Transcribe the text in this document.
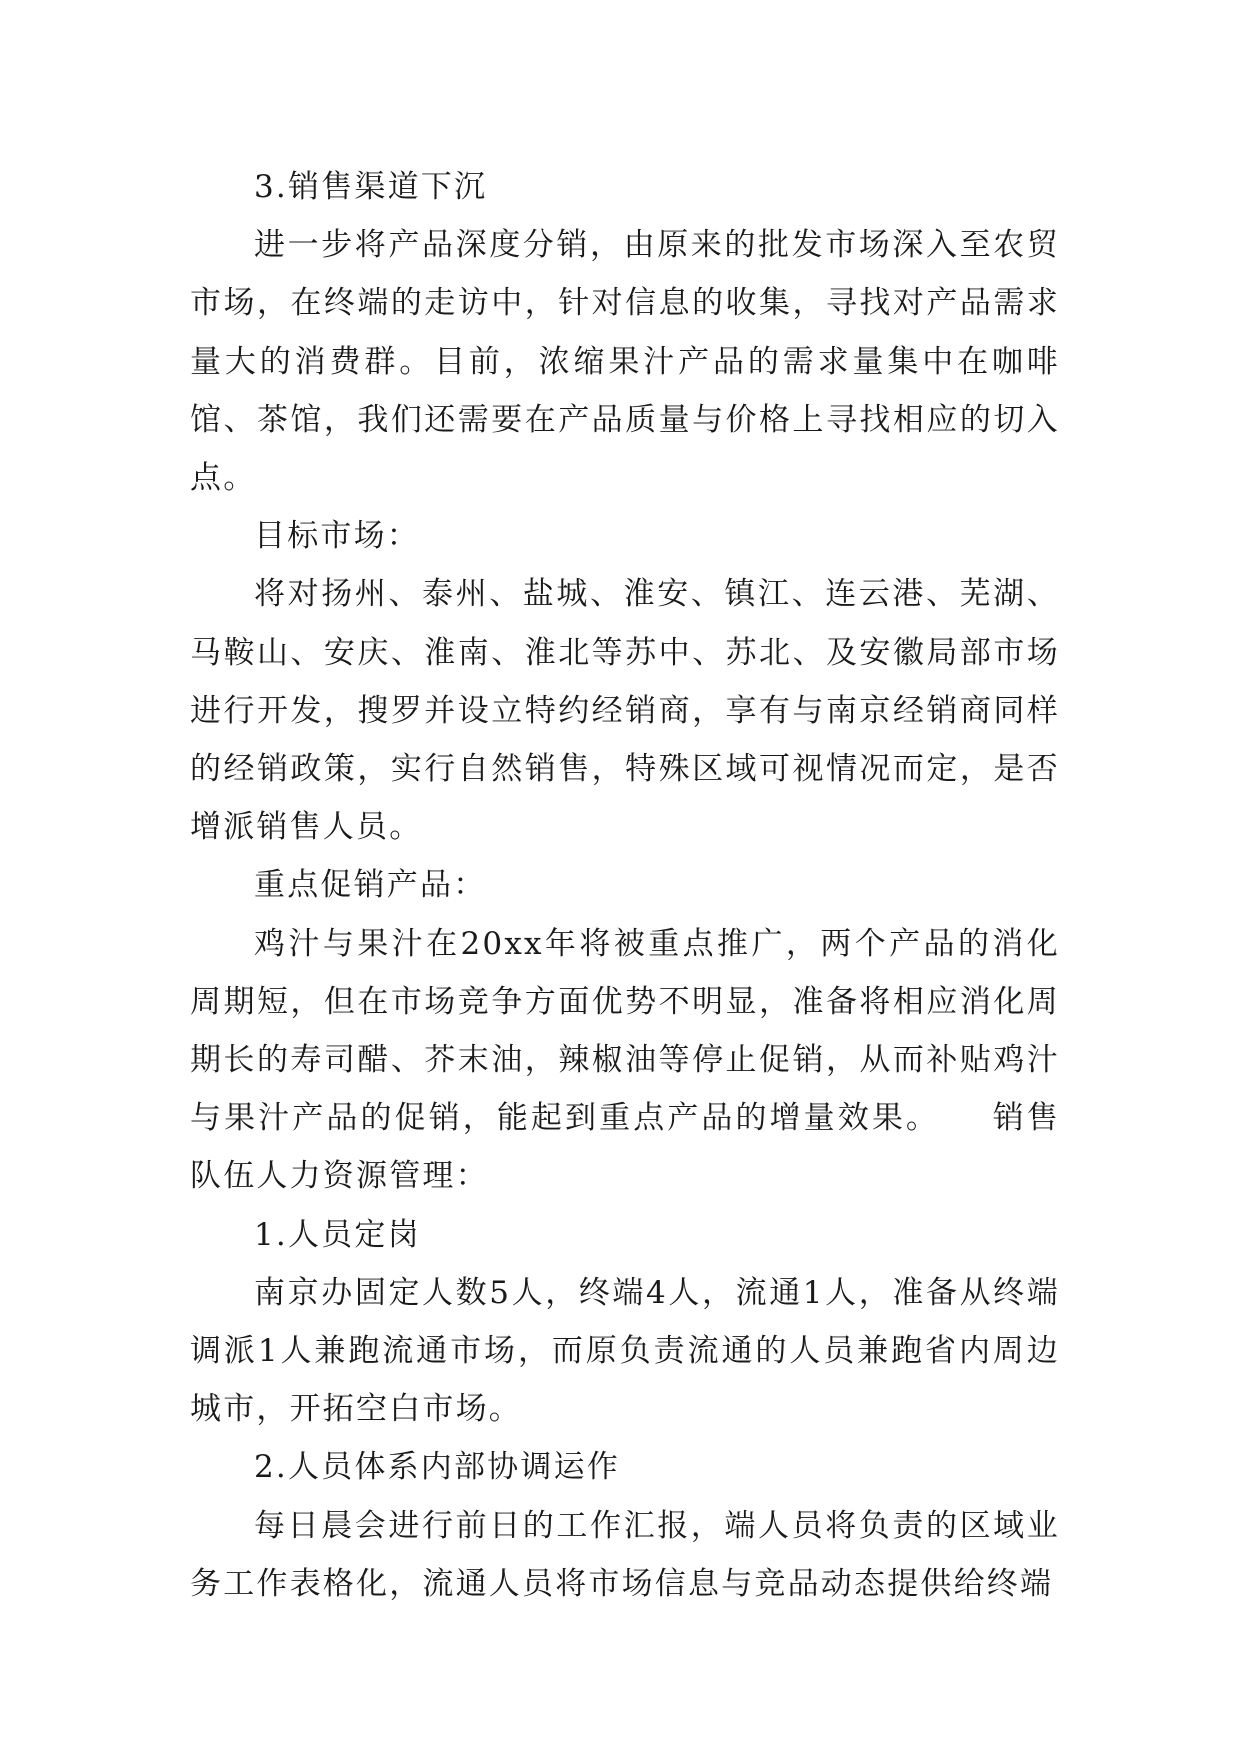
3.销售渠道下沉

进一步将产品深度分销，由原来的批发市场深入至农贸市场，在终端的走访中，针对信息的收集，寻找对产品需求量大的消费群。目前，浓缩果汁产品的需求量集中在咖啡馆、茶馆，我们还需要在产品质量与价格上寻找相应的切入点。

目标市场：

将对扬州、泰州、盐城、淮安、镇江、连云港、芜湖、马鞍山、安庆、淮南、淮北等苏中、苏北、及安徽局部市场进行开发，搜罗并设立特约经销商，享有与南京经销商同样的经销政策，实行自然销售，特殊区域可视情况而定，是否增派销售人员。

重点促销产品：

鸡汁与果汁在20xx年将被重点推广，两个产品的消化周期短，但在市场竞争方面优势不明显，准备将相应消化周期长的寿司醋、芥末油，辣椒油等停止促销，从而补贴鸡汁与果汁产品的促销，能起到重点产品的增量效果。　　销售队伍人力资源管理：

1.人员定岗

南京办固定人数5人，终端4人，流通1人，准备从终端调派1人兼跑流通市场，而原负责流通的人员兼跑省内周边城市，开拓空白市场。

2.人员体系内部协调运作

每日晨会进行前日的工作汇报，端人员将负责的区域业务工作表格化，流通人员将市场信息与竞品动态提供给终端
